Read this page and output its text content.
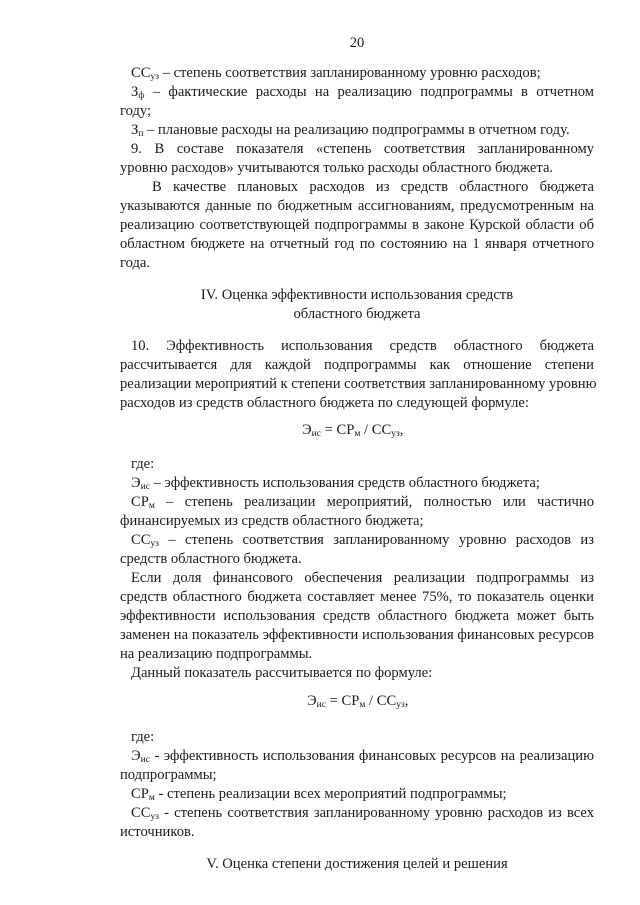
20
$СС_{уз}$ – степень соответствия запланированному уровню расходов;
$З_ф$ – фактические расходы на реализацию подпрограммы в отчетном
году;
$З_п$ – плановые расходы на реализацию подпрограммы в отчетном году.
9. В составе показателя «степень соответствия запланированному
уровню расходов» учитываются только расходы областного бюджета.
В качестве плановых расходов из средств областного бюджета
указываются данные по бюджетным ассигнованиям, предусмотренным на
реализацию соответствующей подпрограммы в законе Курской области об
областном бюджете на отчетный год по состоянию на 1 января отчетного
года.
IV. Оценка эффективности использования средств
областного бюджета
10. Эффективность использования средств областного бюджета
рассчитывается для каждой подпрограммы как отношение степени
реализации мероприятий к степени соответствия запланированному уровню
расходов из средств областного бюджета по следующей формуле:
$Э_{ис} = СР_м / СС_{уз}$,
где:
$Э_{ис}$ – эффективность использования средств областного бюджета;
$СР_м$ – степень реализации мероприятий, полностью или частично
финансируемых из средств областного бюджета;
$СС_{уз}$ – степень соответствия запланированному уровню расходов из
средств областного бюджета.
Если доля финансового обеспечения реализации подпрограммы из
средств областного бюджета составляет менее 75%, то показатель оценки
эффективности использования средств областного бюджета может быть
заменен на показатель эффективности использования финансовых ресурсов
на реализацию подпрограммы.
Данный показатель рассчитывается по формуле:
$Э_{ис} = СР_м / СС_{уз}$,
где:
$Э_{ис}$ - эффективность использования финансовых ресурсов на реализацию
подпрограммы;
$СР_м$ - степень реализации всех мероприятий подпрограммы;
$СС_{уз}$ - степень соответствия запланированному уровню расходов из всех
источников.
V. Оценка степени достижения целей и решения
